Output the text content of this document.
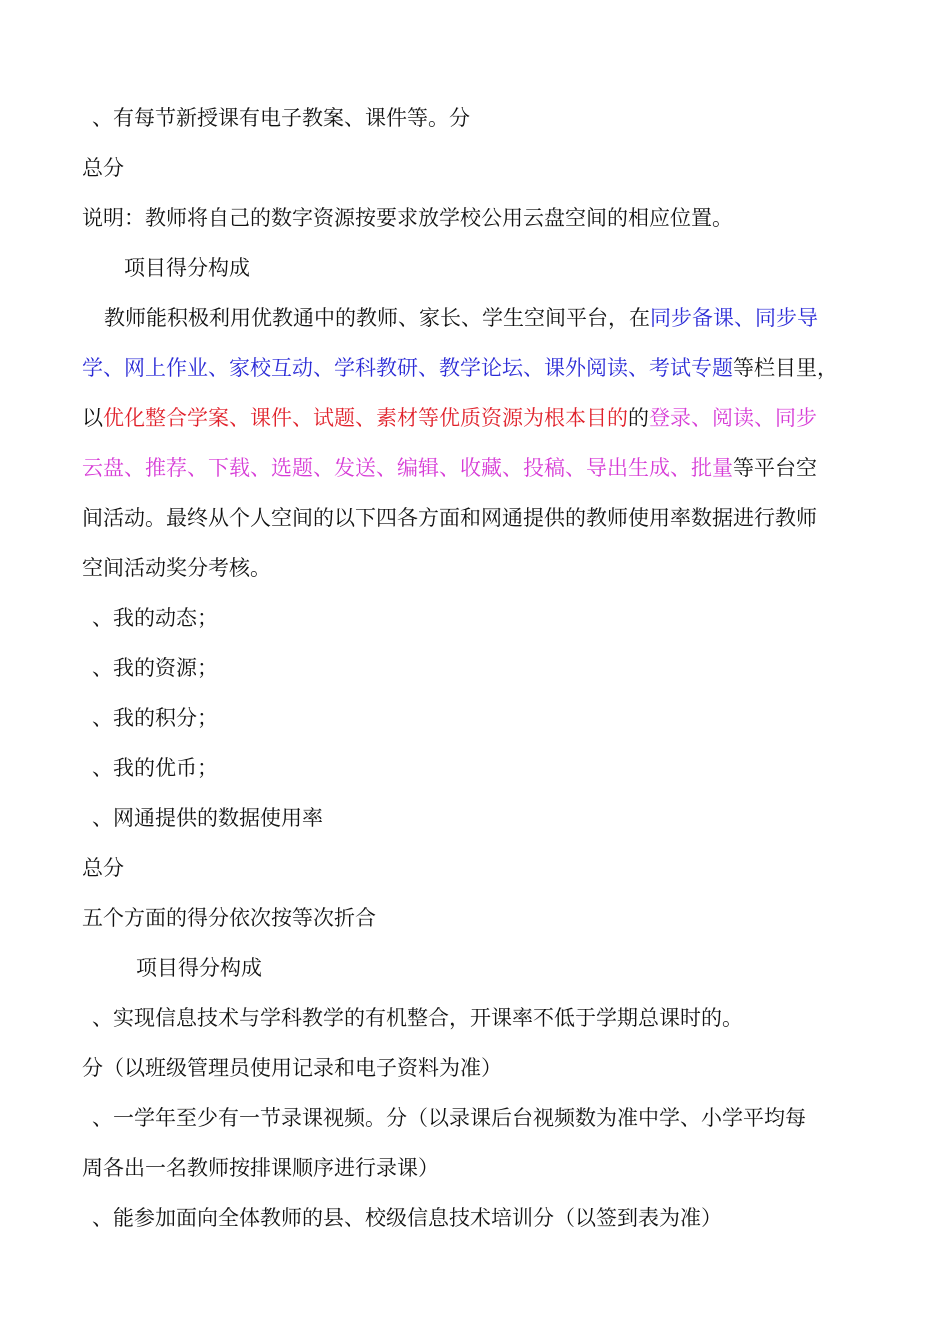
、有每节新授课有电子教案、课件等。分
总分
说明：教师将自己的数字资源按要求放学校公用云盘空间的相应位置。
项目得分构成
教师能积极利用优教通中的教师、家长、学生空间平台，在同步备课、同步导
学、网上作业、家校互动、学科教研、教学论坛、课外阅读、考试专题等栏目里，
以优化整合学案、课件、试题、素材等优质资源为根本目的的登录、阅读、同步
云盘、推荐、下载、选题、发送、编辑、收藏、投稿、导出生成、批量等平台空
间活动。最终从个人空间的以下四各方面和网通提供的教师使用率数据进行教师
空间活动奖分考核。
、我的动态；
、我的资源；
、我的积分；
、我的优币；
、网通提供的数据使用率
总分
五个方面的得分依次按等次折合
项目得分构成
、实现信息技术与学科教学的有机整合，开课率不低于学期总课时的。
分（以班级管理员使用记录和电子资料为准）
、一学年至少有一节录课视频。分（以录课后台视频数为准中学、小学平均每
周各出一名教师按排课顺序进行录课）
、能参加面向全体教师的县、校级信息技术培训分（以签到表为准）
